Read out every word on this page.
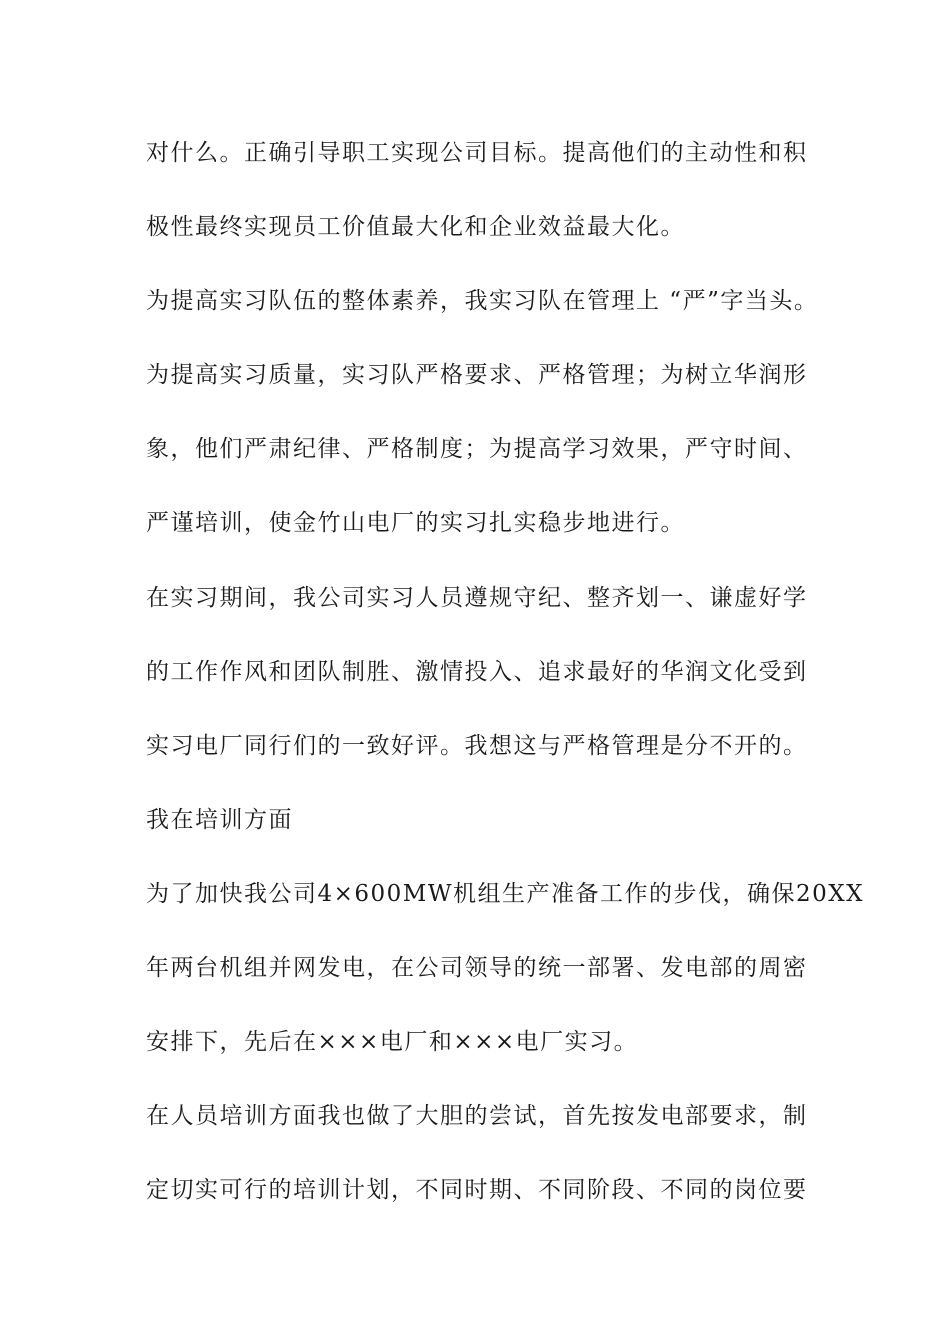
对什么。正确引导职工实现公司目标。提高他们的主动性和积
极性最终实现员工价值最大化和企业效益最大化。
为提高实习队伍的整体素养，我实习队在管理上 “严”字当头。
为提高实习质量，实习队严格要求、严格管理；为树立华润形
象，他们严肃纪律、严格制度；为提高学习效果，严守时间、
严谨培训，使金竹山电厂的实习扎实稳步地进行。
在实习期间，我公司实习人员遵规守纪、整齐划一、谦虚好学
的工作作风和团队制胜、激情投入、追求最好的华润文化受到
实习电厂同行们的一致好评。我想这与严格管理是分不开的。
我在培训方面
为了加快我公司4×600MW机组生产准备工作的步伐，确保20XX
年两台机组并网发电，在公司领导的统一部署、发电部的周密
安排下，先后在×××电厂和×××电厂实习。
在人员培训方面我也做了大胆的尝试，首先按发电部要求，制
定切实可行的培训计划，不同时期、不同阶段、不同的岗位要
